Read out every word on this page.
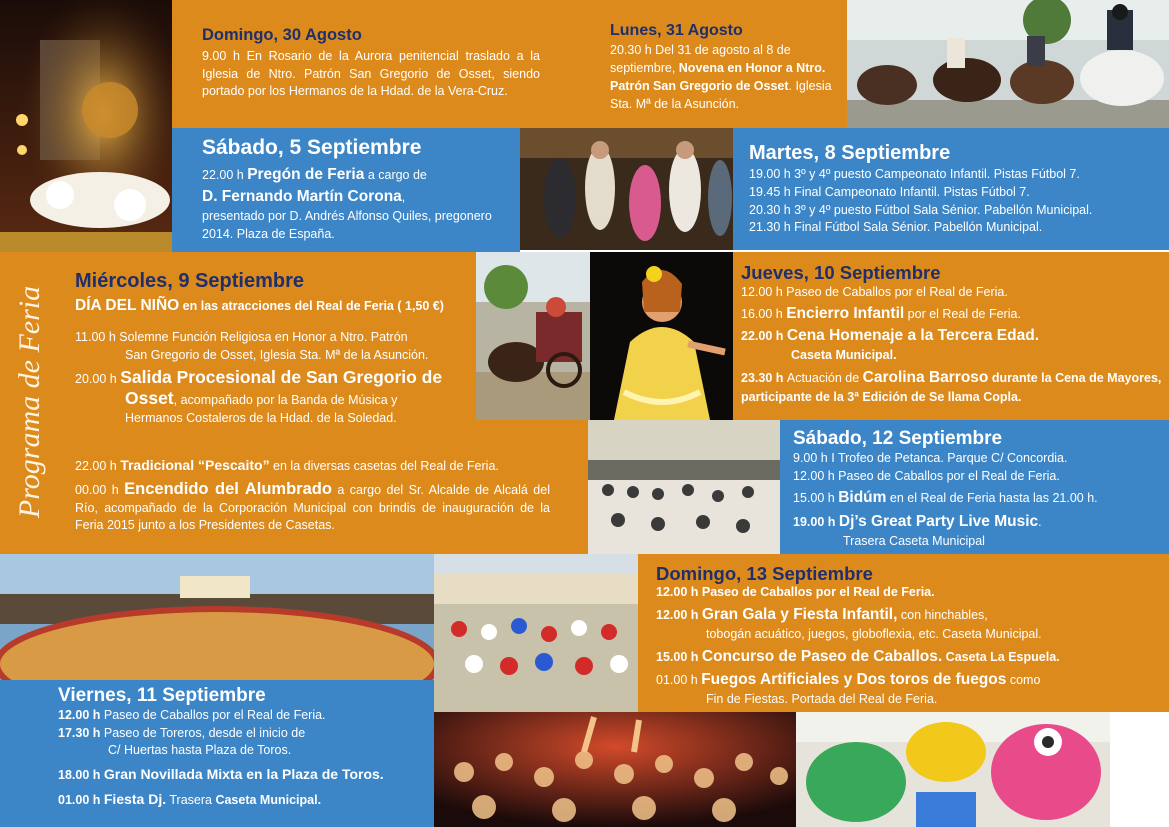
Domingo, 30 Agosto
9.00 h En Rosario de la Aurora penitencial traslado a la Iglesia de Ntro. Patrón San Gregorio de Osset, siendo portado por los Hermanos de la Hdad. de la Vera-Cruz.
Lunes, 31 Agosto
20.30 h Del 31 de agosto al 8 de septiembre, Novena en Honor a Ntro. Patrón San Gregorio de Osset. Iglesia Sta. Mª de la Asunción.
Sábado, 5 Septiembre
22.00 h Pregón de Feria a cargo de
D. Fernando Martín Corona,
presentado por D. Andrés Alfonso Quiles, pregonero 2014. Plaza de España.
Martes, 8 Septiembre
19.00 h 3º y 4º puesto Campeonato Infantil. Pistas Fútbol 7.
19.45 h Final Campeonato Infantil. Pistas Fútbol 7.
20.30 h 3º y 4º puesto Fútbol Sala Sénior. Pabellón Municipal.
21.30 h Final Fútbol Sala Sénior. Pabellón Municipal.
Programa de Feria
Miércoles, 9 Septiembre
DÍA DEL NIÑO en las atracciones del Real de Feria ( 1,50 €)
11.00 h Solemne Función Religiosa en Honor a Ntro. Patrón
San Gregorio de Osset, Iglesia Sta. Mª de la Asunción.
20.00 h Salida Procesional de San Gregorio de
Osset, acompañado por la Banda de Música y
Hermanos Costaleros de la Hdad. de la Soledad.
Jueves, 10 Septiembre
12.00 h Paseo de Caballos por el Real de Feria.
16.00 h Encierro Infantil por el Real de Feria.
22.00 h Cena Homenaje a la Tercera Edad.
Caseta Municipal.
23.30 h Actuación de Carolina Barroso durante la Cena de Mayores, participante de la 3ª Edición de Se llama Copla.
22.00 h Tradicional “Pescaito” en la diversas casetas del Real de Feria.
00.00 h Encendido del Alumbrado a cargo del Sr. Alcalde de Alcalá del Río, acompañado de la Corporación Municipal con brindis de inauguración de la Feria 2015 junto a los Presidentes de Casetas.
Sábado, 12 Septiembre
9.00 h I Trofeo de Petanca. Parque C/ Concordia.
12.00 h Paseo de Caballos por el Real de Feria.
15.00 h Bidúm en el Real de Feria hasta las 21.00 h.
19.00 h Dj’s Great Party Live Music.
Trasera Caseta Municipal
Domingo, 13 Septiembre
12.00 h Paseo de Caballos por el Real de Feria.
12.00 h Gran Gala y Fiesta Infantil, con hinchables,
tobogán acuático, juegos, globoflexia, etc. Caseta Municipal.
15.00 h Concurso de Paseo de Caballos. Caseta La Espuela.
01.00 h Fuegos Artificiales y Dos toros de fuegos como
Fin de Fiestas. Portada del Real de Feria.
Viernes, 11 Septiembre
12.00 h Paseo de Caballos por el Real de Feria.
17.30 h Paseo de Toreros, desde el inicio de
C/ Huertas hasta Plaza de Toros.
18.00 h Gran Novillada Mixta en la Plaza de Toros.
01.00 h Fiesta Dj. Trasera Caseta Municipal.
